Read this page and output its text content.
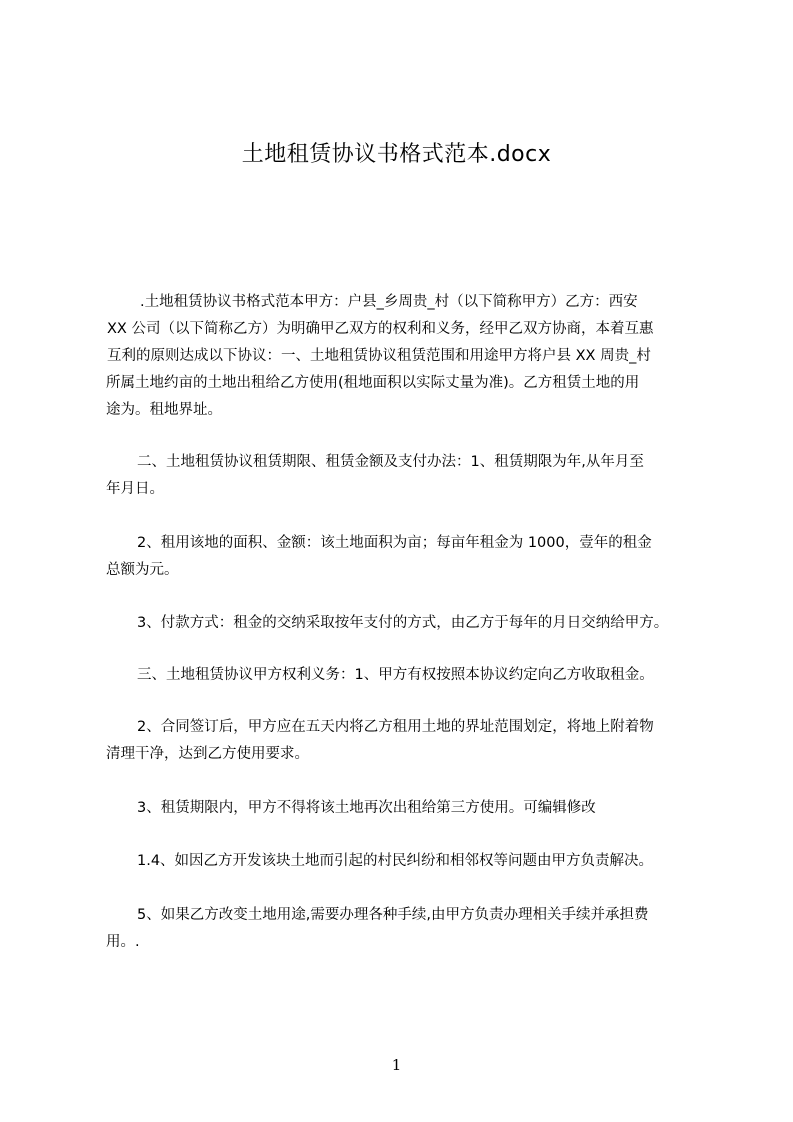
土地租赁协议书格式范本.docx
.土地租赁协议书格式范本甲方：户县_乡周贵_村（以下简称甲方）乙方：西安
XX 公司（以下简称乙方）为明确甲乙双方的权利和义务，经甲乙双方协商，本着互惠
互利的原则达成以下协议：一、土地租赁协议租赁范围和用途甲方将户县 XX 周贵_村
所属土地约亩的土地出租给乙方使用(租地面积以实际丈量为准)。乙方租赁土地的用
途为。租地界址。
二、土地租赁协议租赁期限、租赁金额及支付办法：1、租赁期限为年,从年月至
年月日。
2、租用该地的面积、金额：该土地面积为亩；每亩年租金为 1000，壹年的租金
总额为元。
3、付款方式：租金的交纳采取按年支付的方式，由乙方于每年的月日交纳给甲方。
三、土地租赁协议甲方权利义务：1、甲方有权按照本协议约定向乙方收取租金。
2、合同签订后，甲方应在五天内将乙方租用土地的界址范围划定，将地上附着物
清理干净，达到乙方使用要求。
3、租赁期限内，甲方不得将该土地再次出租给第三方使用。可编辑修改
1.4、如因乙方开发该块土地而引起的村民纠纷和相邻权等问题由甲方负责解决。
5、如果乙方改变土地用途,需要办理各种手续,由甲方负责办理相关手续并承担费
用。.
1
